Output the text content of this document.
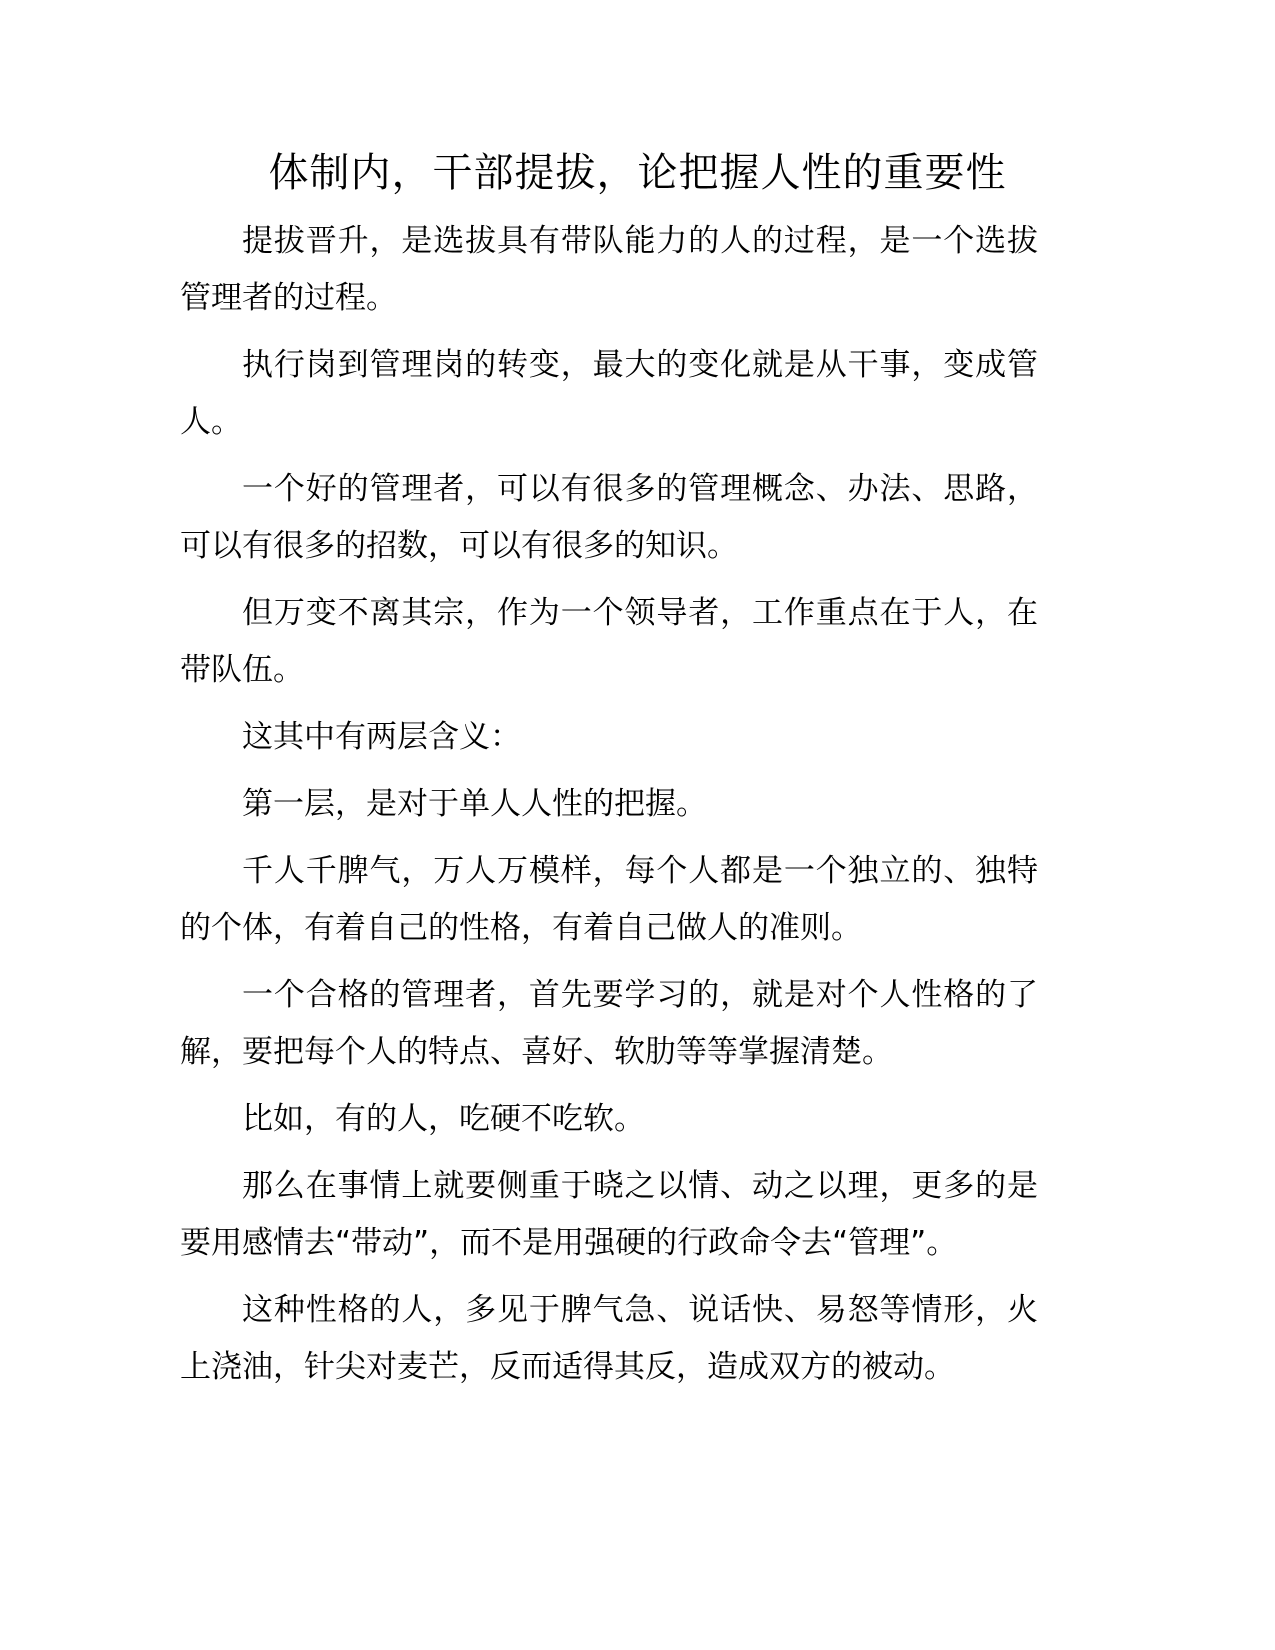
体制内，干部提拔，论把握人性的重要性

提拔晋升，是选拔具有带队能力的人的过程，是一个选拔管理者的过程。

执行岗到管理岗的转变，最大的变化就是从干事，变成管人。

一个好的管理者，可以有很多的管理概念、办法、思路，可以有很多的招数，可以有很多的知识。

但万变不离其宗，作为一个领导者，工作重点在于人，在带队伍。

这其中有两层含义：

第一层，是对于单人人性的把握。

千人千脾气，万人万模样，每个人都是一个独立的、独特的个体，有着自己的性格，有着自己做人的准则。

一个合格的管理者，首先要学习的，就是对个人性格的了解，要把每个人的特点、喜好、软肋等等掌握清楚。

比如，有的人，吃硬不吃软。

那么在事情上就要侧重于晓之以情、动之以理，更多的是要用感情去“带动”，而不是用强硬的行政命令去“管理”。

这种性格的人，多见于脾气急、说话快、易怒等情形，火上浇油，针尖对麦芒，反而适得其反，造成双方的被动。
